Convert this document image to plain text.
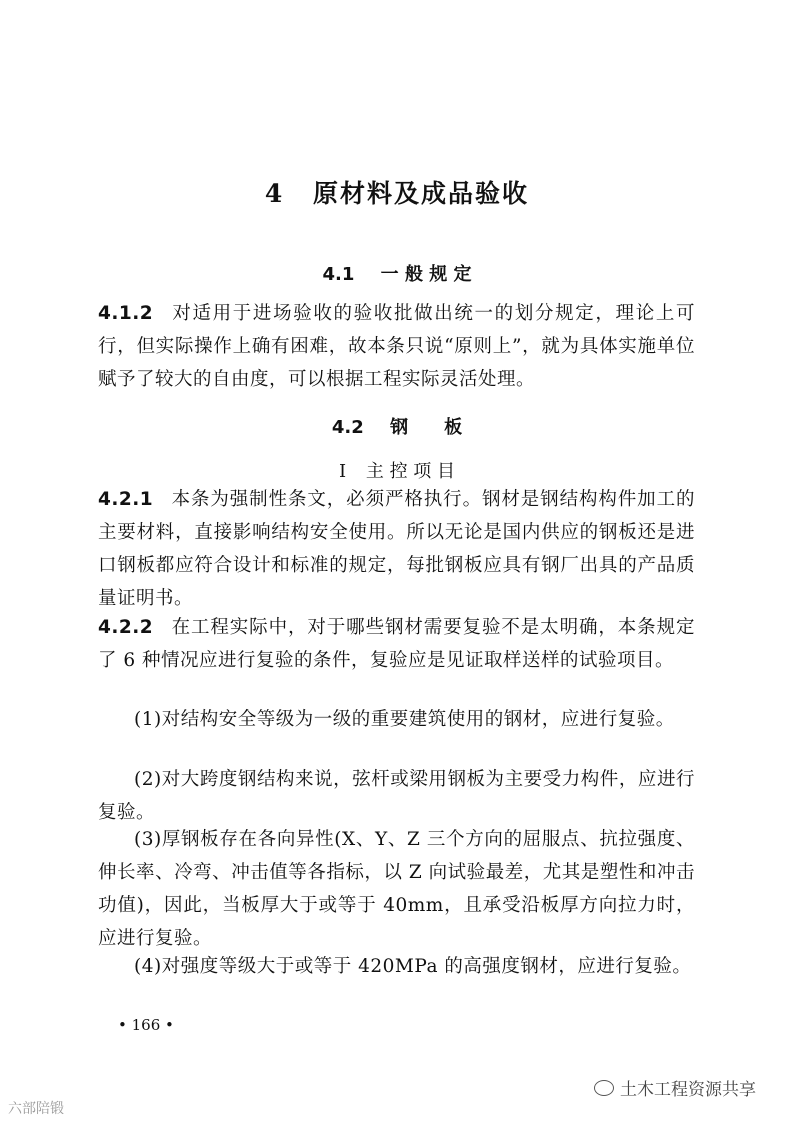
4 原材料及成品验收
4.1 一 般 规 定

4.1.2 对适用于进场验收的验收批做出统一的划分规定，理论上可行，但实际操作上确有困难，故本条只说“原则上”，就为具体实施单位赋予了较大的自由度，可以根据工程实际灵活处理。

4.2 钢　　板
Ⅰ 主 控 项 目

4.2.1 本条为强制性条文，必须严格执行。钢材是钢结构构件加工的主要材料，直接影响结构安全使用。所以无论是国内供应的钢板还是进口钢板都应符合设计和标准的规定，每批钢板应具有钢厂出具的产品质量证明书。

4.2.2 在工程实际中，对于哪些钢材需要复验不是太明确，本条规定了 6 种情况应进行复验的条件，复验应是见证取样送样的试验项目。

(1)对结构安全等级为一级的重要建筑使用的钢材，应进行复验。

(2)对大跨度钢结构来说，弦杆或梁用钢板为主要受力构件，应进行复验。

(3)厚钢板存在各向异性(X、Y、Z 三个方向的屈服点、抗拉强度、伸长率、冷弯、冲击值等各指标，以 Z 向试验最差，尤其是塑性和冲击功值)，因此，当板厚大于或等于 40mm，且承受沿板厚方向拉力时，应进行复验。

(4)对强度等级大于或等于 420MPa 的高强度钢材，应进行复验。

• 166 •
土木工程资源共享
六部陪锻
